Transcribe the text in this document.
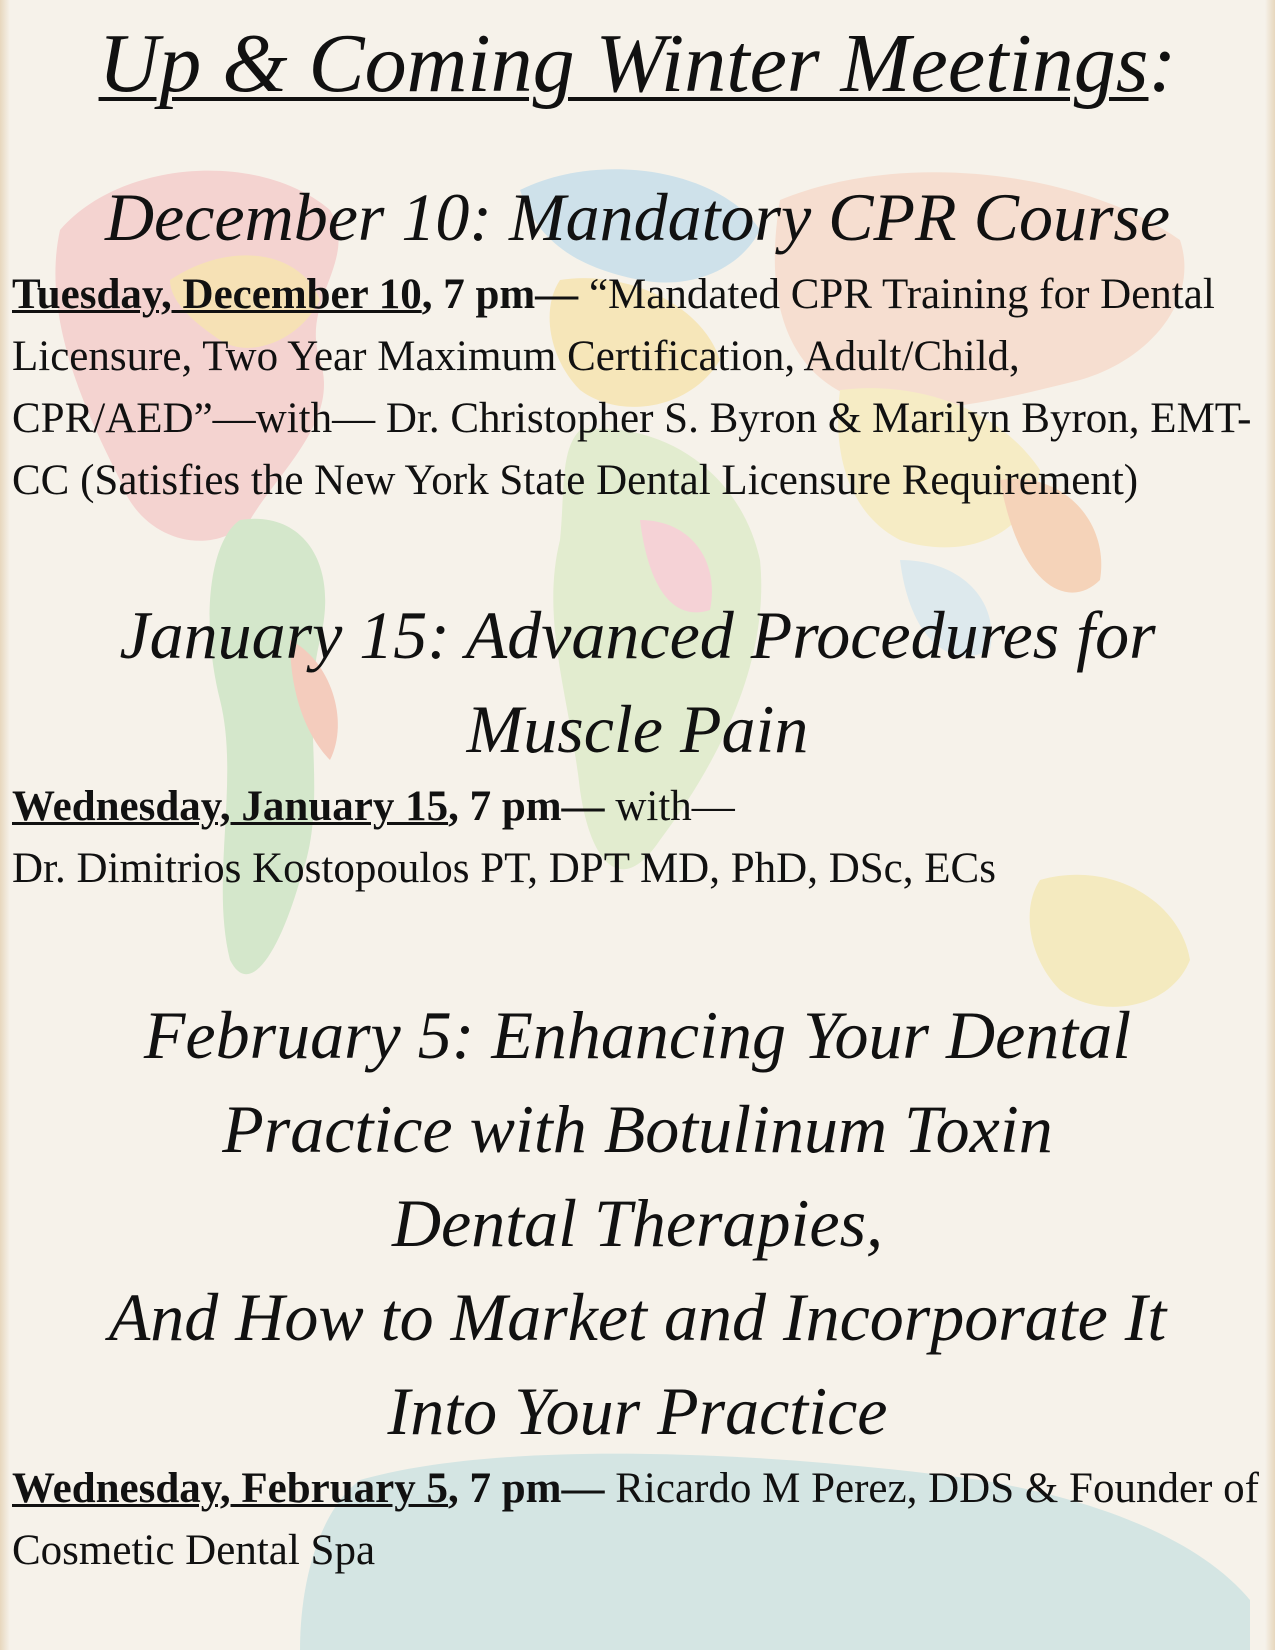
Up & Coming Winter Meetings:
December 10: Mandatory CPR Course

Tuesday, December 10, 7 pm— “Mandated CPR Training for Dental Licensure, Two Year Maximum Certification, Adult/Child, CPR/AED”—with— Dr. Christopher S. Byron & Marilyn Byron, EMT-CC (Satisfies the New York State Dental Licensure Requirement)

January 15: Advanced Procedures for
Muscle Pain

Wednesday, January 15, 7 pm— with—
Dr. Dimitrios Kostopoulos PT, DPT MD, PhD, DSc, ECs

February 5: Enhancing Your Dental
Practice with Botulinum Toxin
Dental Therapies,
And How to Market and Incorporate It
Into Your Practice

Wednesday, February 5, 7 pm— Ricardo M Perez, DDS & Founder of Cosmetic Dental Spa
